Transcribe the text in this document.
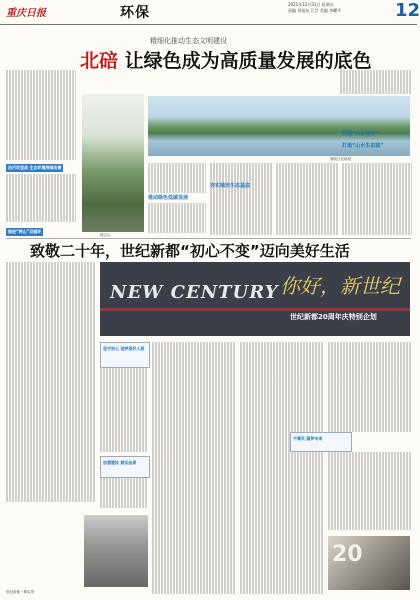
重庆日报	环保
2021年12月31日 星期五
责编 刘旭东 江芸 美编 李曜平	12
精细化推动生态文明建设
北碚 让绿色成为高质量发展的底色
治污攻坚战 生态环境持续改善
推进“两山”双循环
缙云山
嘉陵江北碚段
推动绿色低碳发展
夯实城市生态基底
打造“山水城市”
打造“山水生态圆”
致敬二十年，世纪新都“初心不变”迈向美好生活
NEW CENTURY 你好，新世纪
世纪新都20周年庆特别企划
坚守初心 逐梦美好人居
加强建设 做实品质
不辜负 圆梦未来
世纪新都一期实景
20
